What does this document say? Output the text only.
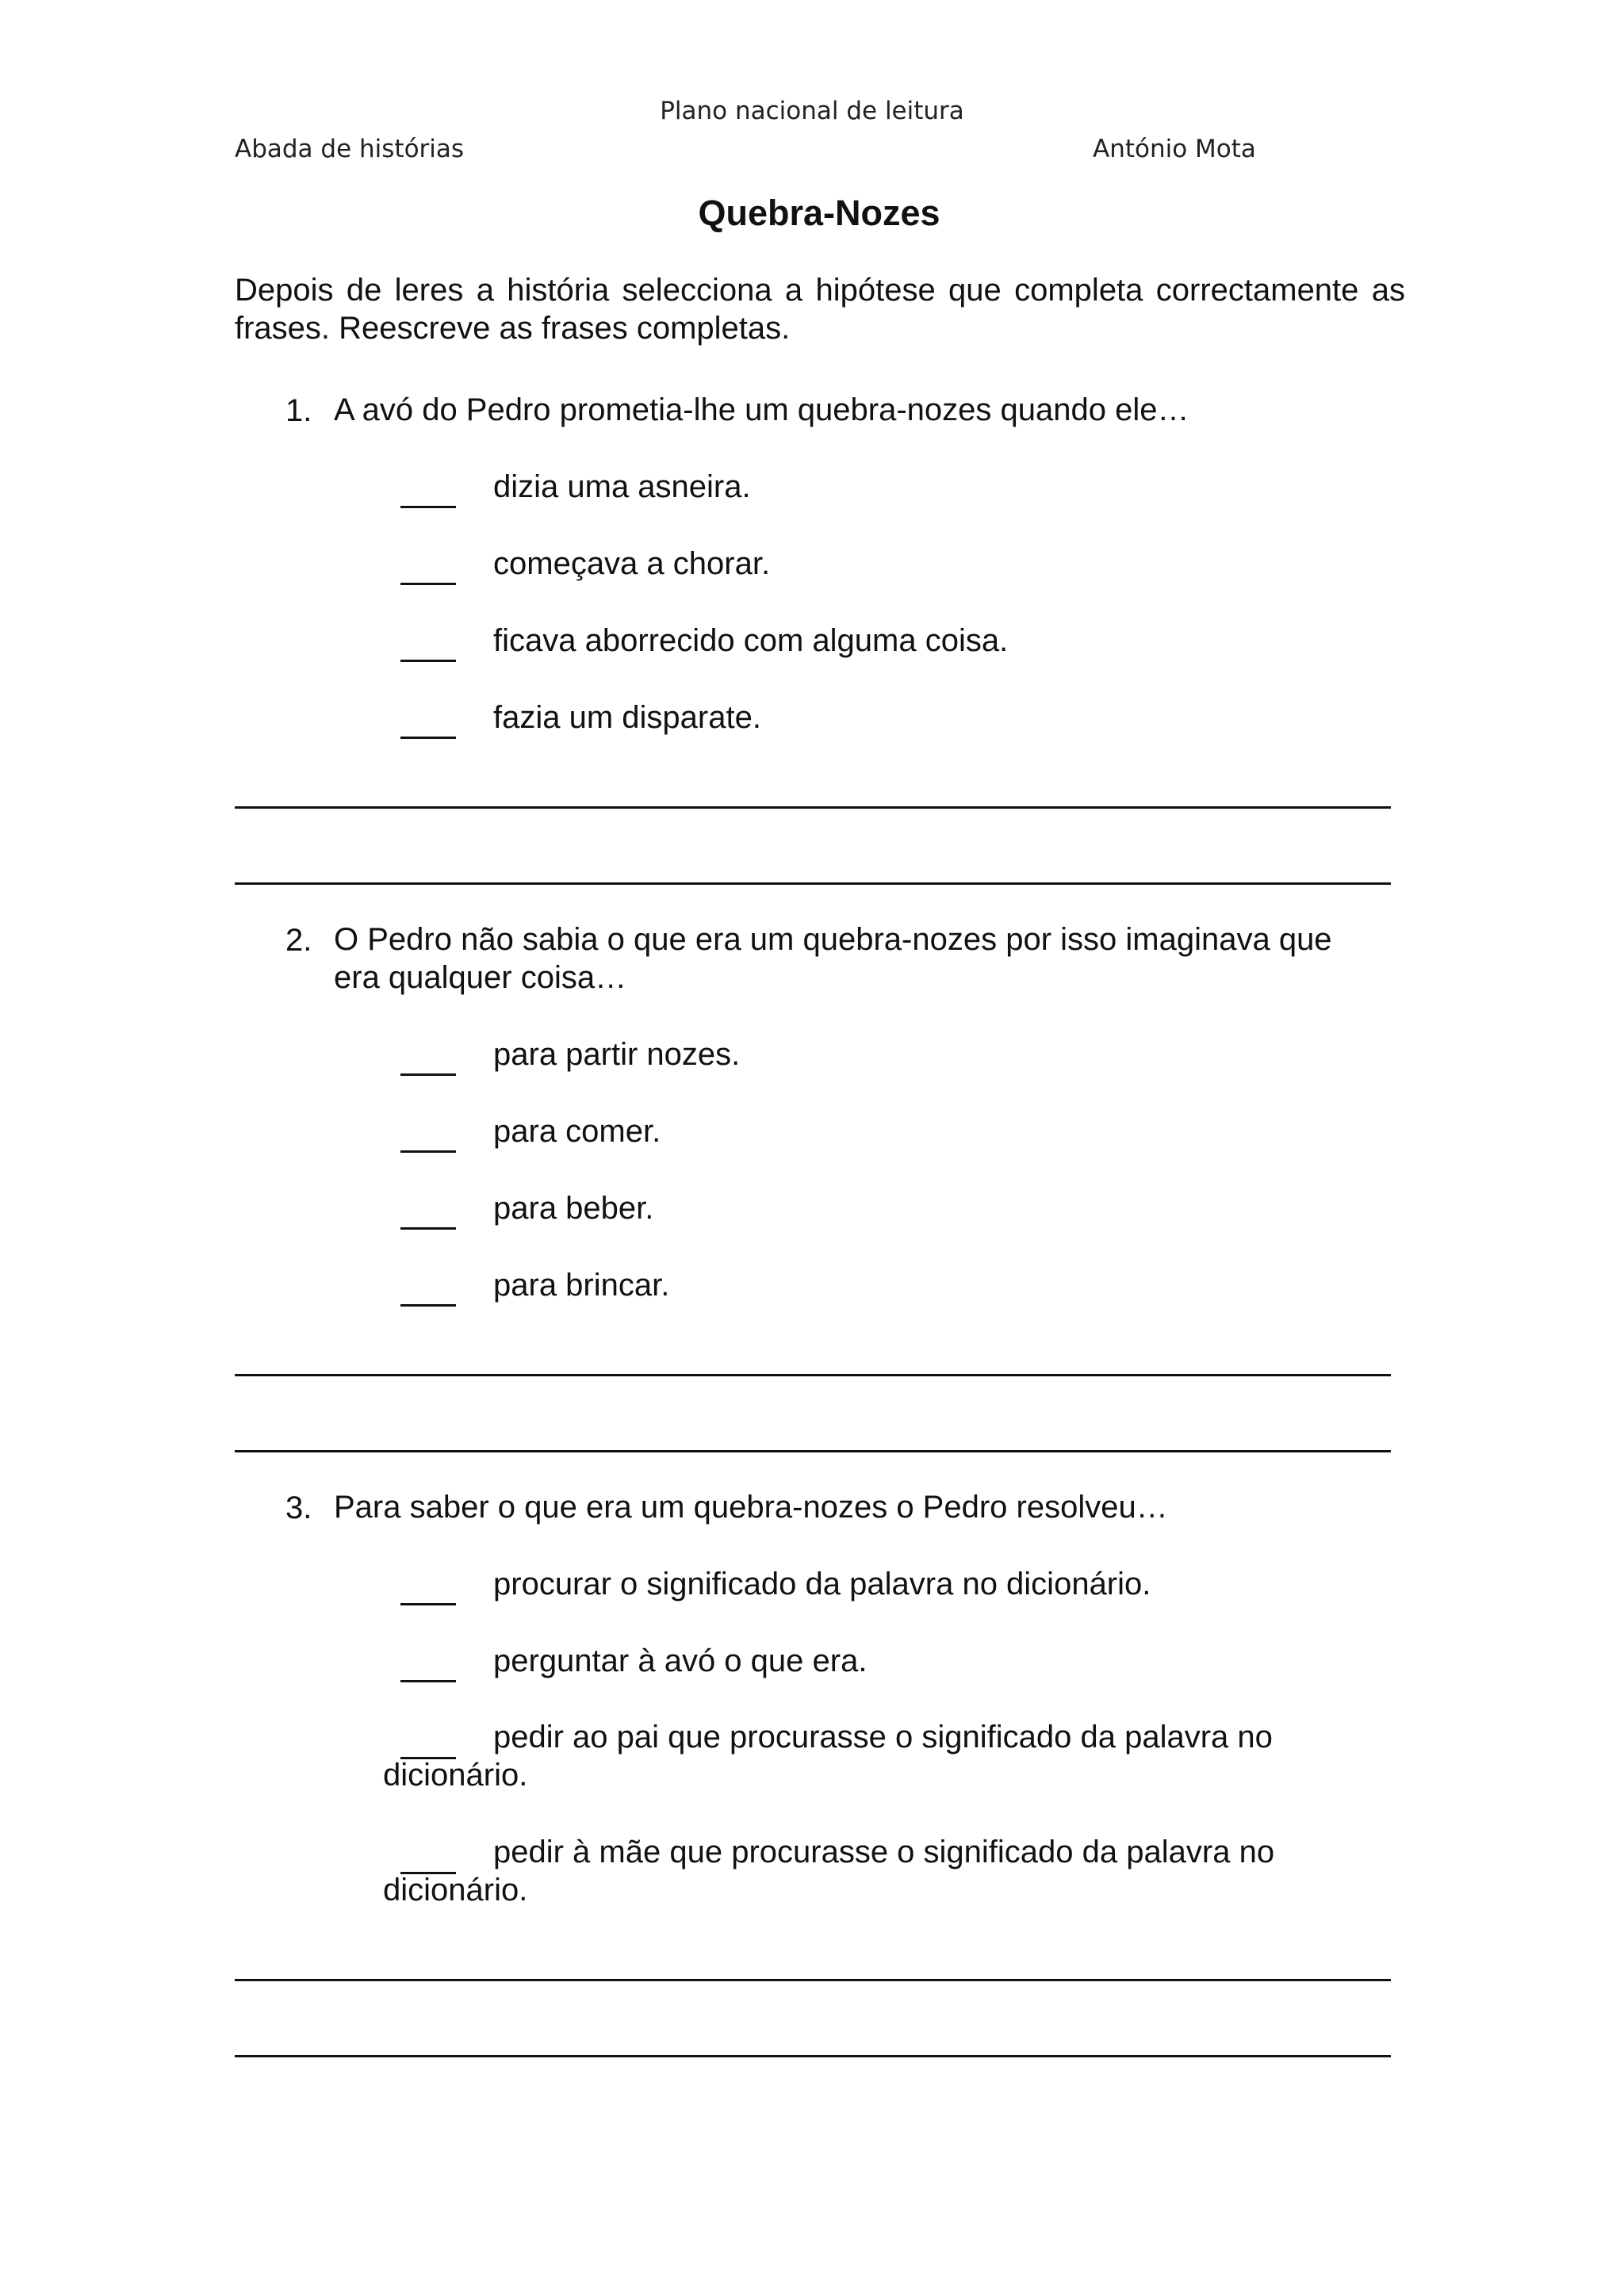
Plano nacional de leitura
Abada de histórias	António Mota
Quebra-Nozes
Depois de leres a história selecciona a hipótese que completa correctamente as frases. Reescreve as frases completas.
1. A avó do Pedro prometia-lhe um quebra-nozes quando ele…
dizia uma asneira.
começava a chorar.
ficava aborrecido com alguma coisa.
fazia um disparate.
2. O Pedro não sabia o que era um quebra-nozes por isso imaginava que era qualquer coisa…
para partir nozes.
para comer.
para beber.
para brincar.
3. Para saber o que era um quebra-nozes o Pedro resolveu…
procurar o significado da palavra no dicionário.
perguntar à avó o que era.
pedir ao pai que procurasse o significado da palavra no dicionário.
pedir à mãe que procurasse o significado da palavra no dicionário.
